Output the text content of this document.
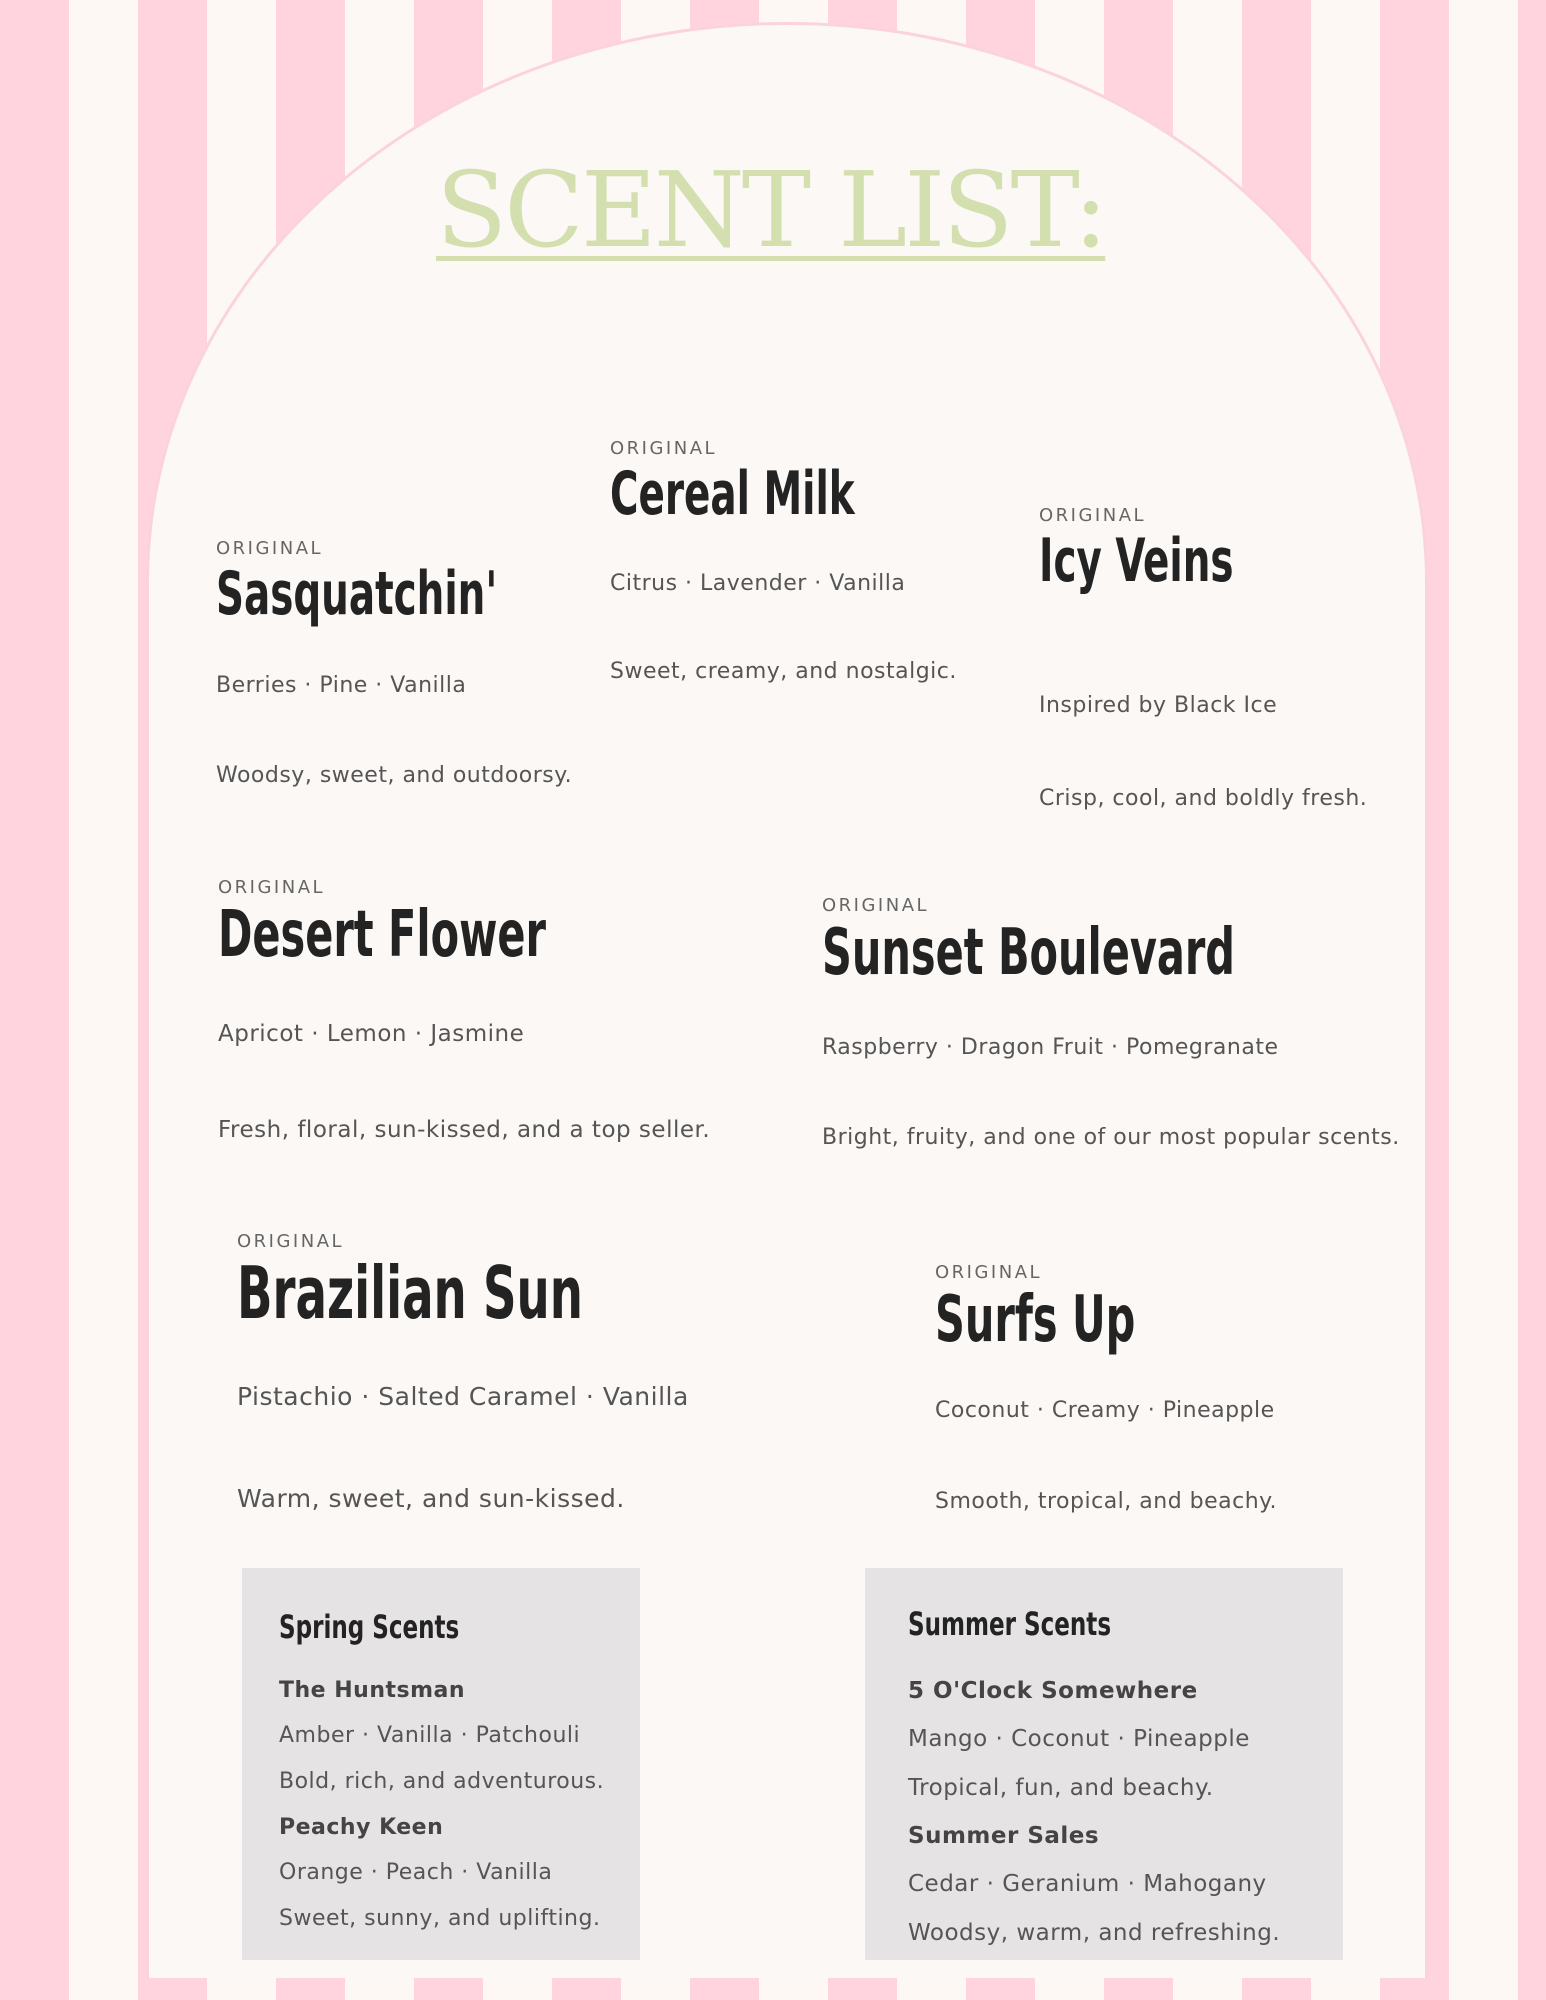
SCENT LIST:
ORIGINAL
Sasquatchin'
Berries · Pine · Vanilla
Woodsy, sweet, and outdoorsy.
ORIGINAL
Cereal Milk
Citrus · Lavender · Vanilla
Sweet, creamy, and nostalgic.
ORIGINAL
Icy Veins
Inspired by Black Ice
Crisp, cool, and boldly fresh.
ORIGINAL
Desert Flower
Apricot · Lemon · Jasmine
Fresh, floral, sun-kissed, and a top seller.
ORIGINAL
Sunset Boulevard
Raspberry · Dragon Fruit · Pomegranate
Bright, fruity, and one of our most popular scents.
ORIGINAL
Brazilian Sun
Pistachio · Salted Caramel · Vanilla
Warm, sweet, and sun-kissed.
ORIGINAL
Surfs Up
Coconut · Creamy · Pineapple
Smooth, tropical, and beachy.
Spring Scents
The Huntsman
Amber · Vanilla · Patchouli
Bold, rich, and adventurous.
Peachy Keen
Orange · Peach · Vanilla
Sweet, sunny, and uplifting.
Summer Scents
5 O'Clock Somewhere
Mango · Coconut · Pineapple
Tropical, fun, and beachy.
Summer Sales
Cedar · Geranium · Mahogany
Woodsy, warm, and refreshing.
